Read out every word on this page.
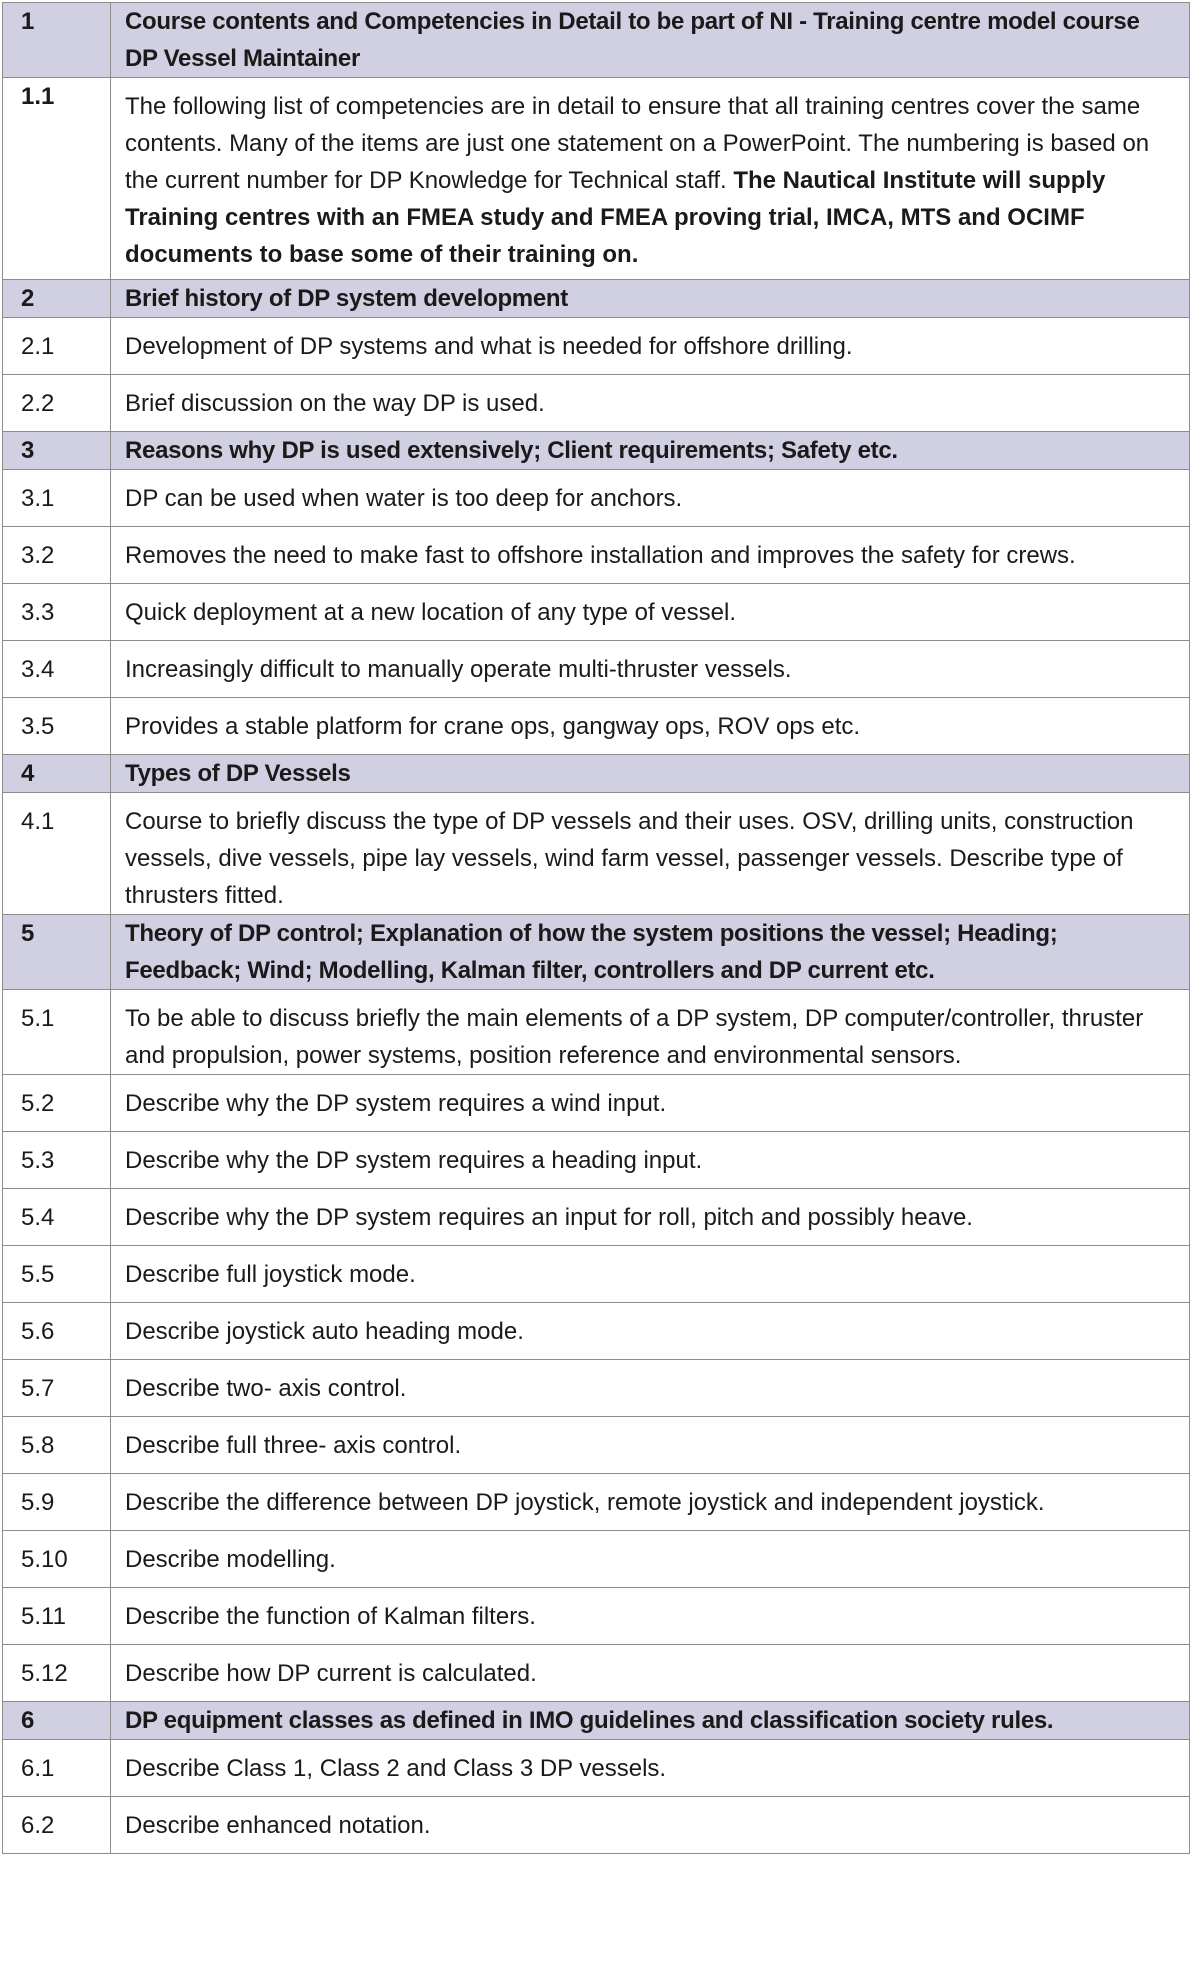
1	Course contents and Competencies in Detail to be part of NI - Training centre model course DP Vessel Maintainer
1.1	The following list of competencies are in detail to ensure that all training centres cover the same contents. Many of the items are just one statement on a PowerPoint. The numbering is based on the current number for DP Knowledge for Technical staff. The Nautical Institute will supply Training centres with an FMEA study and FMEA proving trial, IMCA, MTS and OCIMF documents to base some of their training on.
2	Brief history of DP system development
2.1	Development of DP systems and what is needed for offshore drilling.
2.2	Brief discussion on the way DP is used.
3	Reasons why DP is used extensively; Client requirements; Safety etc.
3.1	DP can be used when water is too deep for anchors.
3.2	Removes the need to make fast to offshore installation and improves the safety for crews.
3.3	Quick deployment at a new location of any type of vessel.
3.4	Increasingly difficult to manually operate multi-thruster vessels.
3.5	Provides a stable platform for crane ops, gangway ops, ROV ops etc.
4	Types of DP Vessels
4.1	Course to briefly discuss the type of DP vessels and their uses. OSV, drilling units, construction vessels, dive vessels, pipe lay vessels, wind farm vessel, passenger vessels. Describe type of thrusters fitted.
5	Theory of DP control; Explanation of how the system positions the vessel; Heading; Feedback; Wind; Modelling, Kalman filter, controllers and DP current etc.
5.1	To be able to discuss briefly the main elements of a DP system, DP computer/controller, thruster and propulsion, power systems, position reference and environmental sensors.
5.2	Describe why the DP system requires a wind input.
5.3	Describe why the DP system requires a heading input.
5.4	Describe why the DP system requires an input for roll, pitch and possibly heave.
5.5	Describe full joystick mode.
5.6	Describe joystick auto heading mode.
5.7	Describe two- axis control.
5.8	Describe full three- axis control.
5.9	Describe the difference between DP joystick, remote joystick and independent joystick.
5.10	Describe modelling.
5.11	Describe the function of Kalman filters.
5.12	Describe how DP current is calculated.
6	DP equipment classes as defined in IMO guidelines and classification society rules.
6.1	Describe Class 1, Class 2 and Class 3 DP vessels.
6.2	Describe enhanced notation.
